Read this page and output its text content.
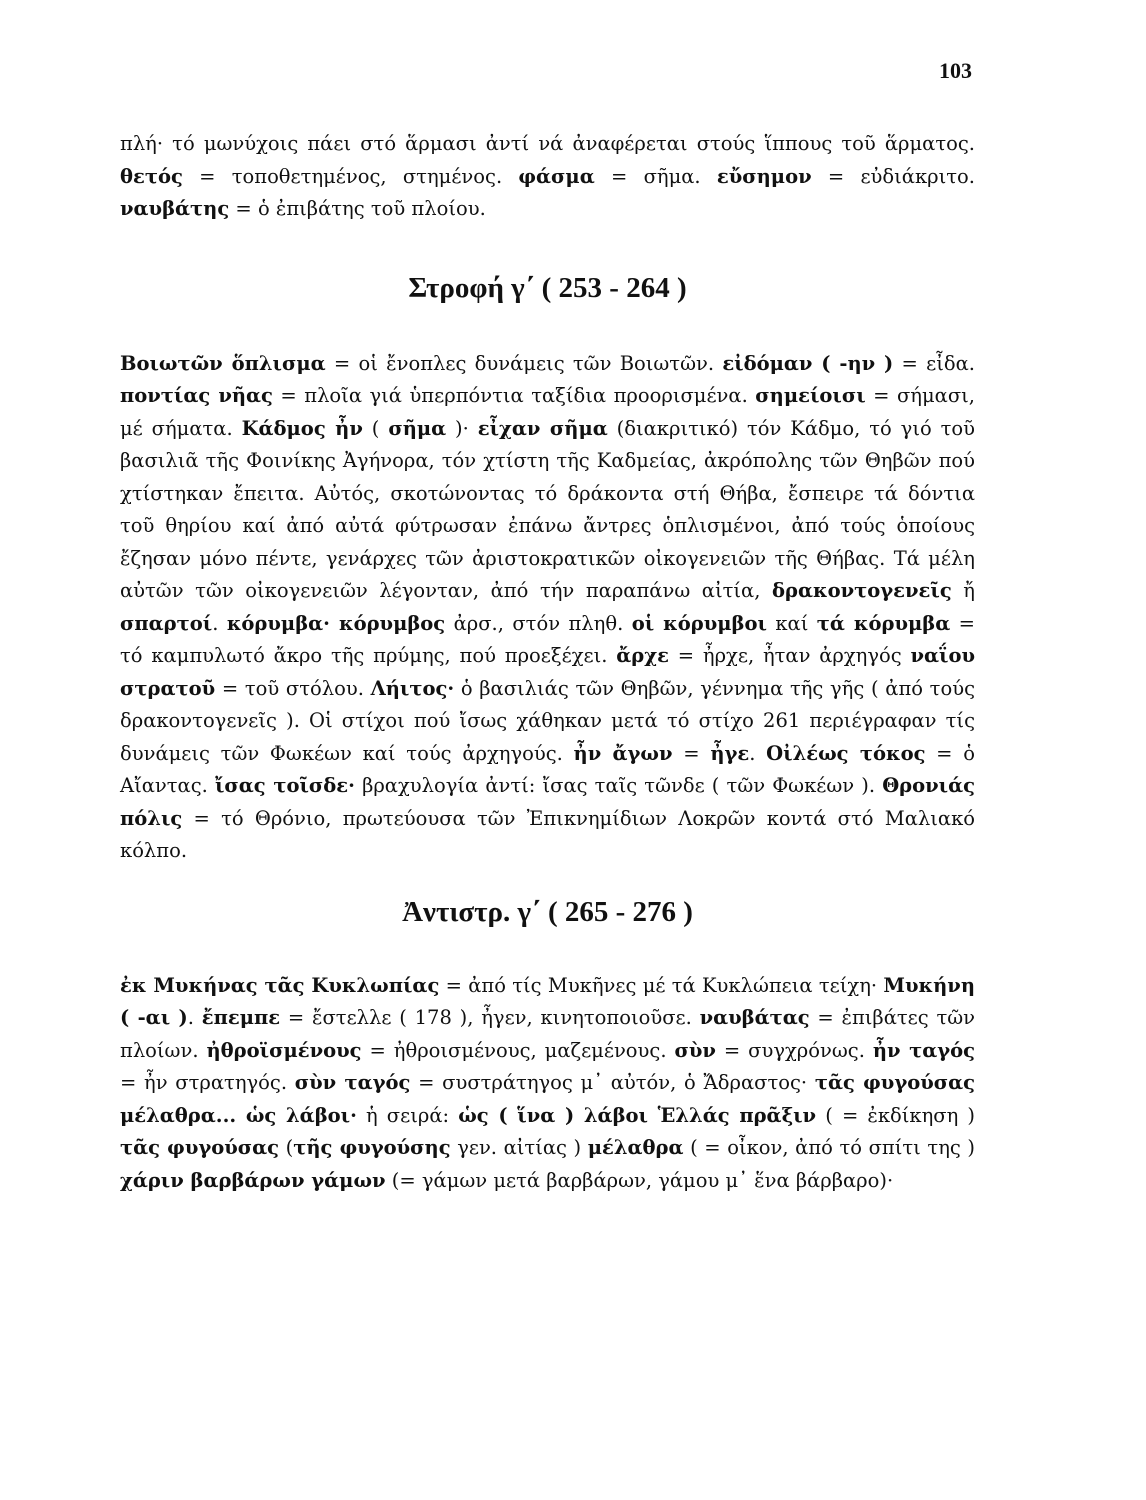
103

πλή· τό μωνύχοις πάει στό ἅρμασι ἀντί νά ἀναφέρεται στούς ἵππους τοῦ ἅρματος. θετός = τοποθετημένος, στημένος. φάσμα = σῆμα. εὔσημον = εὐδιάκριτο. ναυβάτης = ὁ ἐπιβάτης τοῦ πλοίου.

Στροφή γ΄ ( 253 - 264 )

Βοιωτῶν ὅπλισμα = οἱ ἔνοπλες δυνάμεις τῶν Βοιωτῶν. εἰδόμαν ( -ην ) = εἶδα. ποντίας νῆας = πλοῖα γιά ὑπερπόντια ταξίδια προορισμένα. σημείοισι = σήμασι, μέ σήματα. Κάδμος ἦν ( σῆμα )· εἶχαν σῆμα (διακριτικό) τόν Κάδμο, τό γιό τοῦ βασιλιᾶ τῆς Φοινίκης Ἀγήνορα, τόν χτίστη τῆς Καδμείας, ἀκρόπολης τῶν Θηβῶν πού χτίστηκαν ἔπειτα. Αὐτός, σκοτώνοντας τό δράκοντα στή Θήβα, ἔσπειρε τά δόντια τοῦ θηρίου καί ἀπό αὐτά φύτρωσαν ἐπάνω ἄντρες ὁπλισμένοι, ἀπό τούς ὁποίους ἔζησαν μόνο πέντε, γενάρχες τῶν ἀριστοκρατικῶν οἰκογενειῶν τῆς Θήβας. Τά μέλη αὐτῶν τῶν οἰκογενειῶν λέγονταν, ἀπό τήν παραπάνω αἰτία, δρακοντογενεῖς ἤ σπαρτοί. κόρυμβα· κόρυμβος ἀρσ., στόν πληθ. οἱ κόρυμβοι καί τά κόρυμβα = τό καμπυλωτό ἄκρο τῆς πρύμης, πού προεξέχει. ἄρχε = ἦρχε, ἦταν ἀρχηγός ναΐου στρατοῦ = τοῦ στόλου. Λήιτος· ὁ βασιλιάς τῶν Θηβῶν, γέννημα τῆς γῆς ( ἀπό τούς δρακοντογενεῖς ). Οἱ στίχοι πού ἴσως χάθηκαν μετά τό στίχο 261 περιέγραφαν τίς δυνάμεις τῶν Φωκέων καί τούς ἀρχηγούς. ἦν ἄγων = ἦγε. Οἰλέως τόκος = ὁ Αἴαντας. ἴσας τοῖσδε· βραχυλογία ἀντί: ἴσας ταῖς τῶνδε ( τῶν Φωκέων ). Θρονιάς πόλις = τό Θρόνιο, πρωτεύουσα τῶν Ἐπικνημίδιων Λοκρῶν κοντά στό Μαλιακό κόλπο.

Ἀντιστρ. γ΄ ( 265 - 276 )

ἐκ Μυκήνας τᾶς Κυκλωπίας = ἀπό τίς Μυκῆνες μέ τά Κυκλώπεια τείχη· Μυκήνη ( -αι ). ἔπεμπε = ἔστελλε ( 178 ), ἦγεν, κινητοποιοῦσε. ναυβάτας = ἐπιβάτες τῶν πλοίων. ἠθροϊσμένους = ἠθροισμένους, μαζεμένους. σὺν = συγχρόνως. ἦν ταγός = ἦν στρατηγός. σὺν ταγός = συστράτηγος μ᾿ αὐτόν, ὁ Ἄδραστος· τᾶς φυγούσας μέλαθρα... ὡς λάβοι· ἡ σειρά: ὡς ( ἵνα ) λάβοι Ἑλλάς πρᾶξιν ( = ἐκδίκηση ) τᾶς φυγούσας (τῆς φυγούσης γεν. αἰτίας ) μέλαθρα ( = οἶκον, ἀπό τό σπίτι της ) χάριν βαρβάρων γάμων (= γάμων μετά βαρβάρων, γάμου μ᾿ ἕνα βάρβαρο)·
